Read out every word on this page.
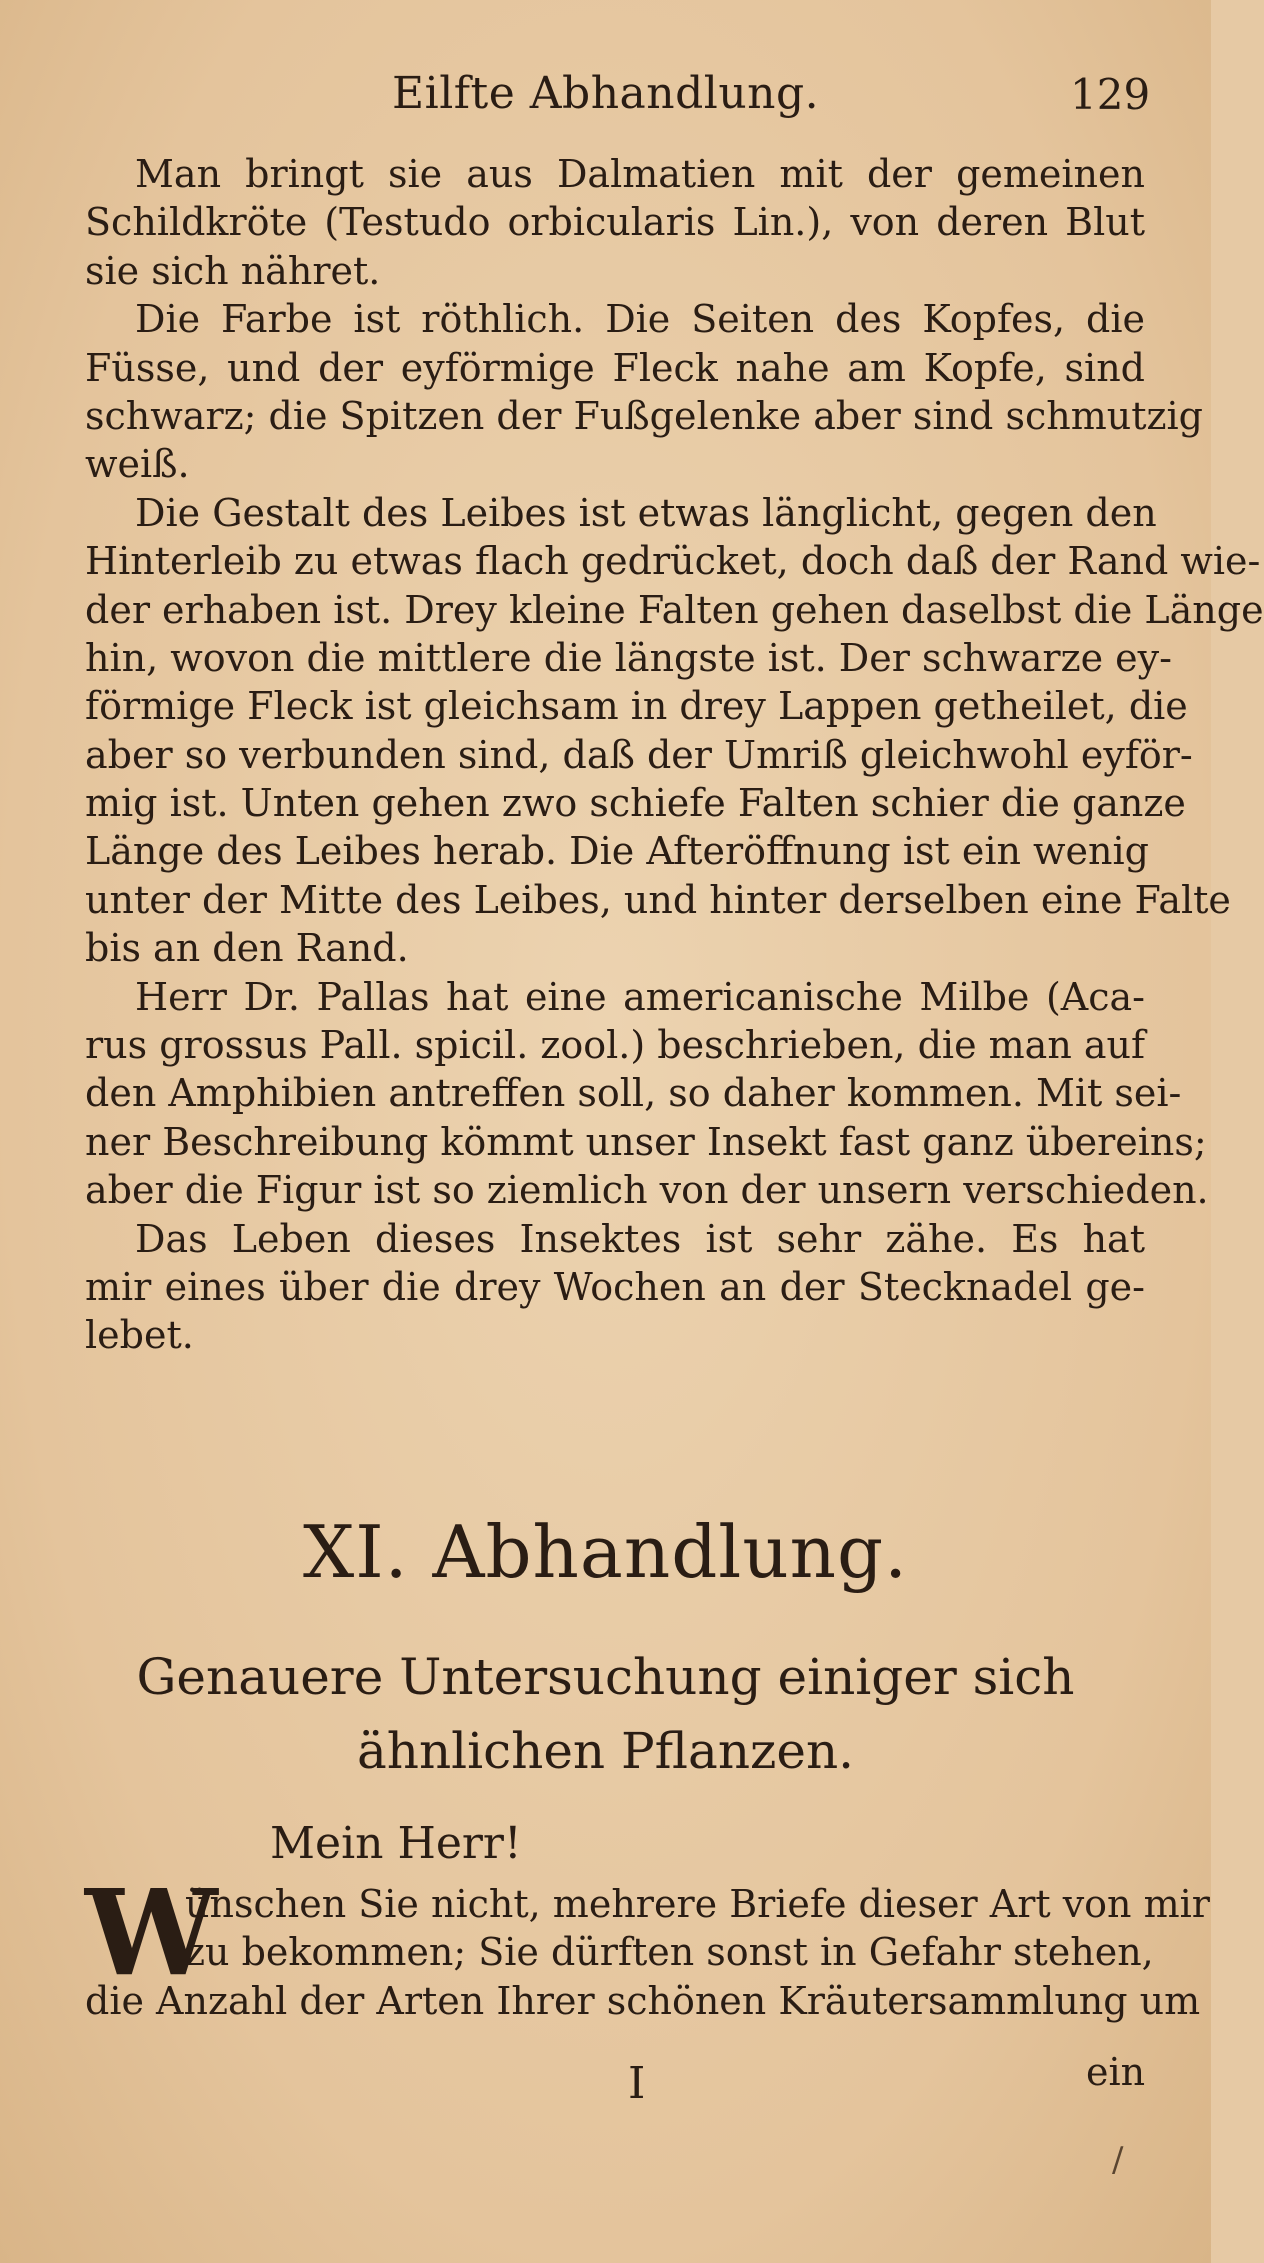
Eilfte Abhandlung.	129
Man bringt sie aus Dalmatien mit der gemeinen
Schildkröte (Testudo orbicularis Lin.), von deren Blut
sie sich nähret.
Die Farbe ist röthlich. Die Seiten des Kopfes, die
Füsse, und der eyförmige Fleck nahe am Kopfe, sind
schwarz; die Spitzen der Fußgelenke aber sind schmutzig
weiß.
Die Gestalt des Leibes ist etwas länglicht, gegen den
Hinterleib zu etwas flach gedrücket, doch daß der Rand wie-
der erhaben ist. Drey kleine Falten gehen daselbst die Länge
hin, wovon die mittlere die längste ist. Der schwarze ey-
förmige Fleck ist gleichsam in drey Lappen getheilet, die
aber so verbunden sind, daß der Umriß gleichwohl eyför-
mig ist. Unten gehen zwo schiefe Falten schier die ganze
Länge des Leibes herab. Die Afteröffnung ist ein wenig
unter der Mitte des Leibes, und hinter derselben eine Falte
bis an den Rand.
Herr Dr. Pallas hat eine americanische Milbe (Aca-
rus grossus Pall. spicil. zool.) beschrieben, die man auf
den Amphibien antreffen soll, so daher kommen. Mit sei-
ner Beschreibung kömmt unser Insekt fast ganz übereins;
aber die Figur ist so ziemlich von der unsern verschieden.
Das Leben dieses Insektes ist sehr zähe. Es hat
mir eines über die drey Wochen an der Stecknadel ge-
lebet.
XI. Abhandlung.
Genauere Untersuchung einiger sich
ähnlichen Pflanzen.
Mein Herr!
W
ünschen Sie nicht, mehrere Briefe dieser Art von mir
zu bekommen; Sie dürften sonst in Gefahr stehen,
die Anzahl der Arten Ihrer schönen Kräutersammlung um
I	ein
/
